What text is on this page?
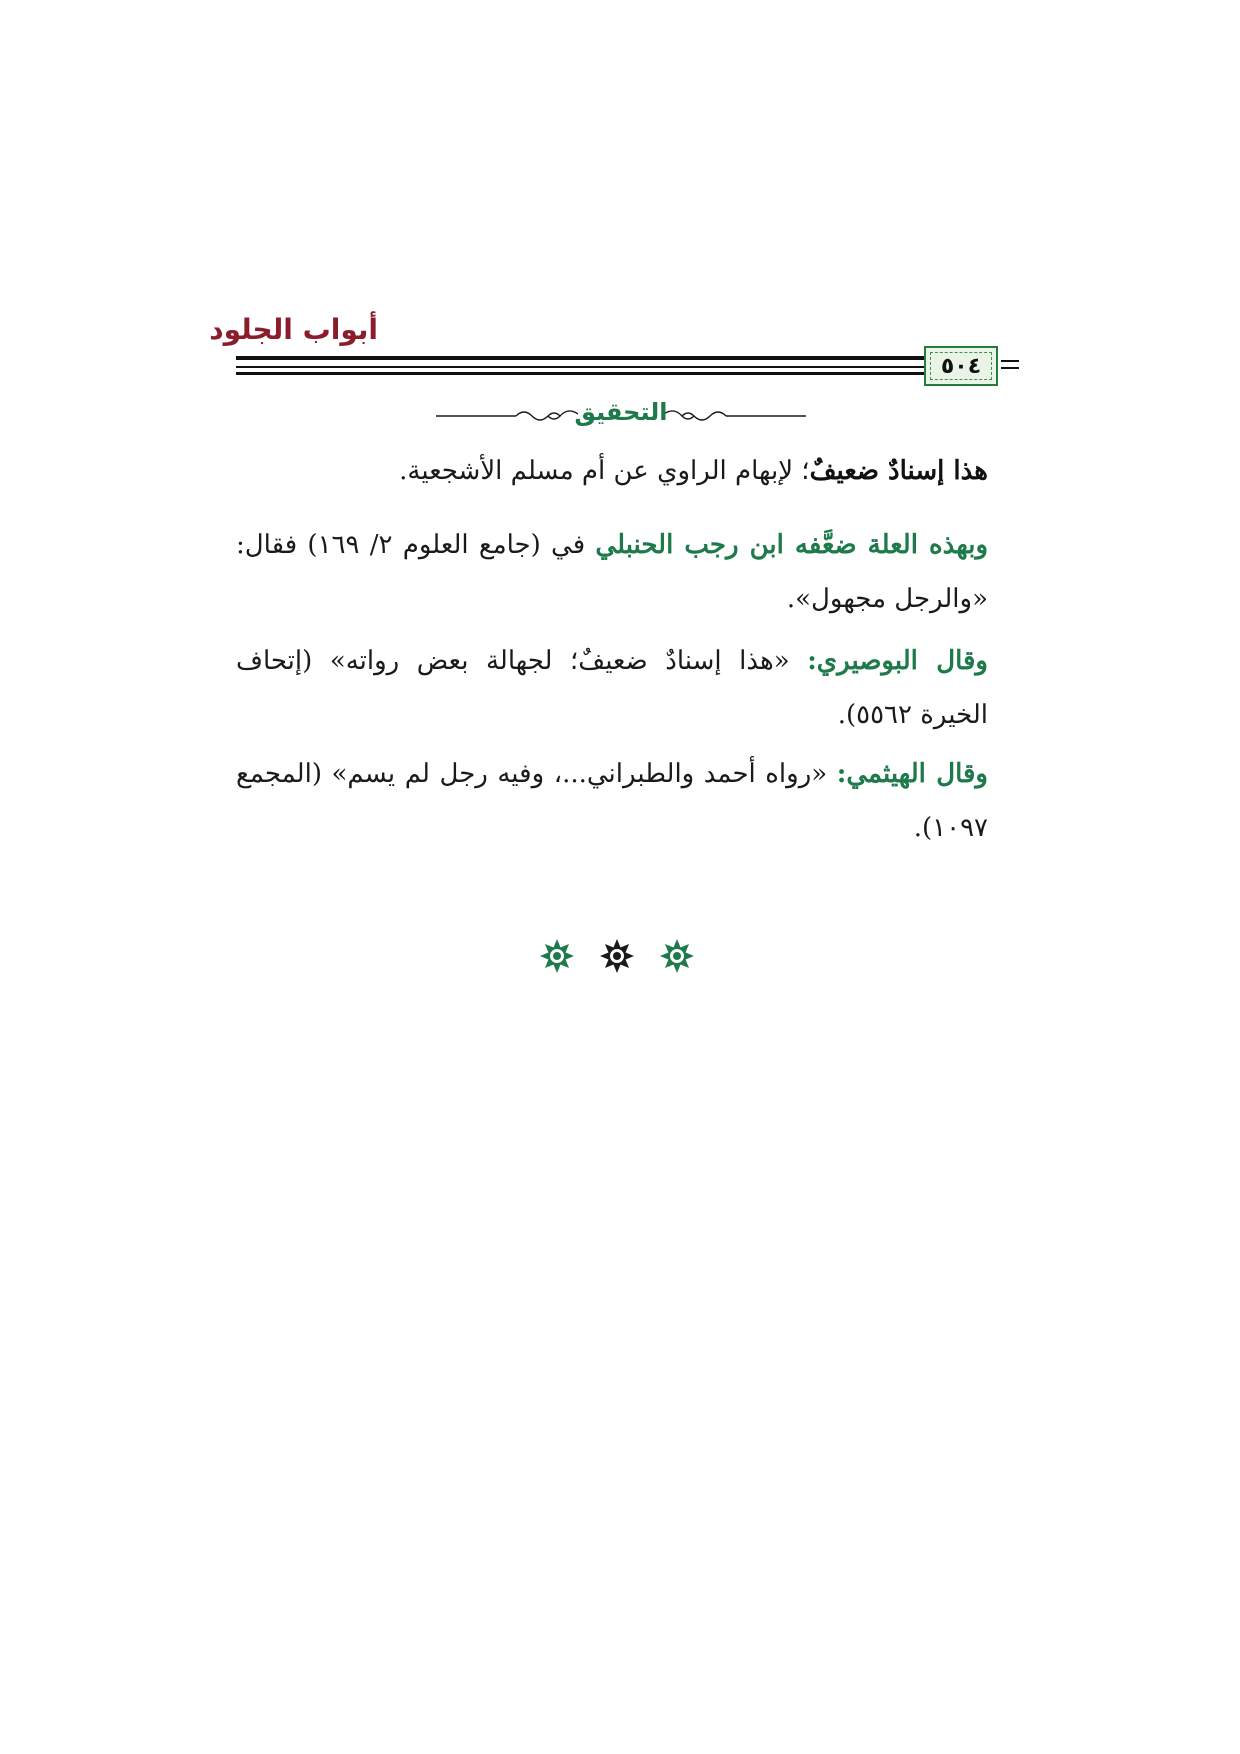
أبواب الجلود
٥٠٤
التحقيق

هذا إسنادٌ ضعيفٌ؛ لإبهام الراوي عن أم مسلم الأشجعية.

وبهذه العلة ضعَّفه ابن رجب الحنبلي في (جامع العلوم ٢/ ١٦٩) فقال: «والرجل مجهول».

وقال البوصيري: «هذا إسنادٌ ضعيفٌ؛ لجهالة بعض رواته» (إتحاف الخيرة ٥٥٦٢).

وقال الهيثمي: «رواه أحمد والطبراني...، وفيه رجل لم يسم» (المجمع ١٠٩٧).
